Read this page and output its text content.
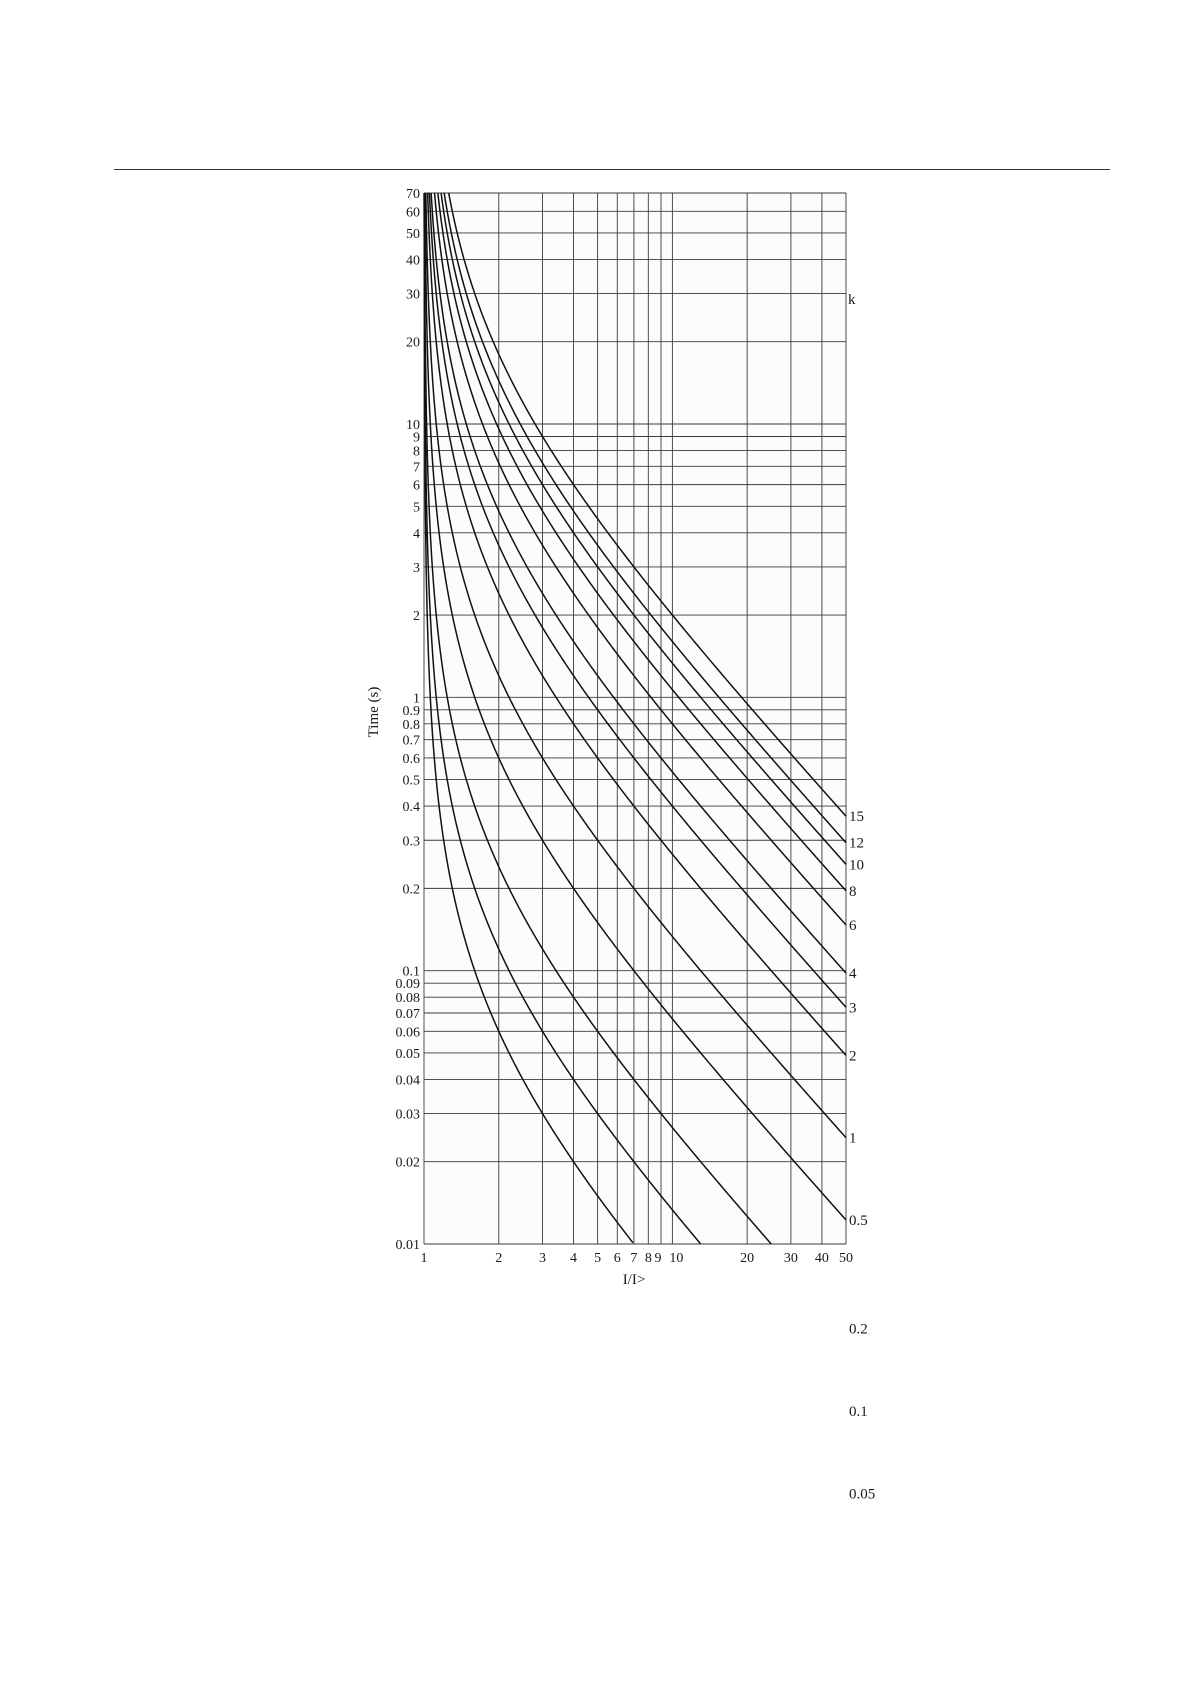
1	2	3 4 5 6 7 8 9 10	20 30 40 50
0.01
0.02
0.03
0.04
0.05
0.06
0.07
0.08
0.09
0.1
0.2
0.3
0.4
0.5
0.6
0.7
0.8
0.9
1
2
3
4
5
6
7
8
9
10
20
30
40
50
60
70
0.05
0.1
0.2
0.5
1
2
3
4
6
8
10
12
15
I/I>
Time (s)
k
